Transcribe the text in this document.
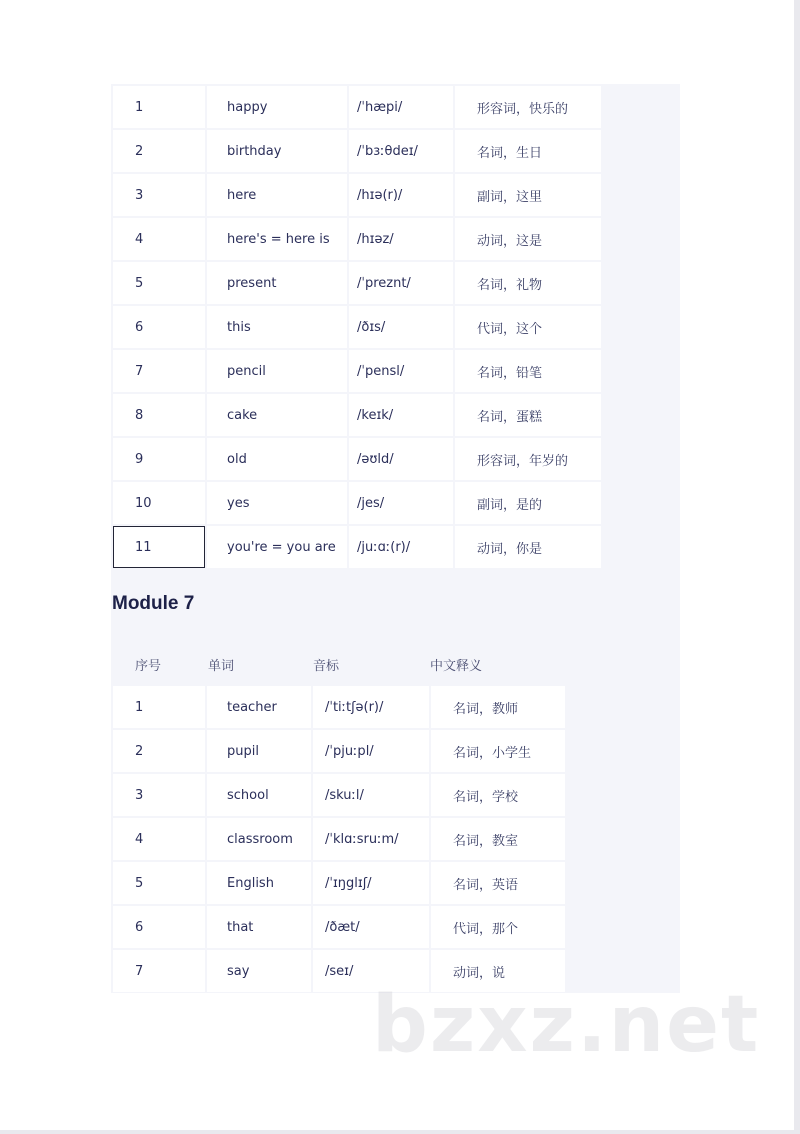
1	happy	/ˈhæpi/	形容词，快乐的
2	birthday	/ˈbɜːθdeɪ/	名词，生日
3	here	/hɪə(r)/	副词，这里
4	here's = here is	/hɪəz/	动词，这是
5	present	/ˈpreznt/	名词，礼物
6	this	/ðɪs/	代词，这个
7	pencil	/ˈpensl/	名词，铅笔
8	cake	/keɪk/	名词，蛋糕
9	old	/əʊld/	形容词，年岁的
10	yes	/jes/	副词，是的
11	you're = you are	/juːɑː(r)/	动词，你是
Module 7
序号	单词	音标	中文释义
1	teacher	/ˈtiːtʃə(r)/	名词，教师
2	pupil	/ˈpjuːpl/	名词，小学生
3	school	/skuːl/	名词，学校
4	classroom	/ˈklɑːsruːm/	名词，教室
5	English	/ˈɪŋglɪʃ/	名词，英语
6	that	/ðæt/	代词，那个
7	say	/seɪ/	动词，说
bzxz.net
